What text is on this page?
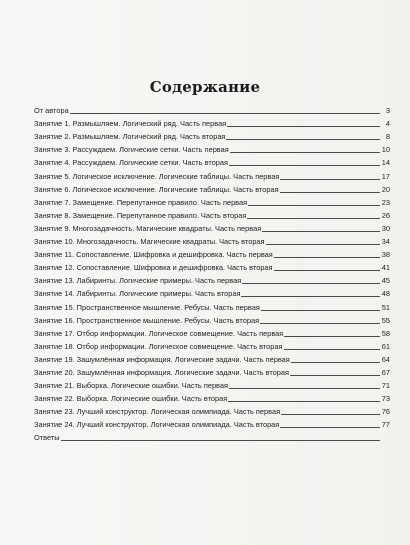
Содержание
От автора	3
Занятие 1. Размышляем. Логический ряд. Часть первая	4
Занятие 2. Размышляем. Логический ряд. Часть вторая	8
Занятие 3. Рассуждаем. Логические сетки. Часть первая	10
Занятие 4. Рассуждаем. Логические сетки. Часть вторая	14
Занятие 5. Логическое исключение. Логические таблицы. Часть первая	17
Занятие 6. Логическое исключение. Логические таблицы. Часть вторая	20
Занятие 7. Замещение. Перепутанное правило. Часть первая	23
Занятие 8. Замещение. Перепутанное правило. Часть вторая	26
Занятие 9. Многозадачность. Магические квадраты. Часть первая	30
Занятие 10. Многозадачность. Магические квадраты. Часть вторая	34
Занятие 11. Сопоставление. Шифровка и дешифровка. Часть первая	38
Занятие 12. Сопоставление. Шифровка и дешифровка. Часть вторая	41
Занятие 13. Лабиринты. Логические примеры. Часть первая	45
Занятие 14. Лабиринты. Логические примеры. Часть вторая	48
Занятие 15. Пространственное мышление. Ребусы. Часть первая	51
Занятие 16. Пространственное мышление. Ребусы. Часть вторая	55
Занятие 17. Отбор информации. Логическое совмещение. Часть первая	58
Занятие 18. Отбор информации. Логическое совмещение. Часть вторая	61
Занятие 19. Зашумлённая информация. Логические задачи. Часть первая	64
Занятие 20. Зашумлённая информация. Логические задачи. Часть вторая	67
Занятие 21. Выборка. Логические ошибки. Часть первая	71
Занятие 22. Выборка. Логические ошибки. Часть вторая	73
Занятие 23. Лучший конструктор. Логическая олимпиада. Часть первая	76
Занятие 24. Лучший конструктор. Логическая олимпиада. Часть вторая	77
Ответы
